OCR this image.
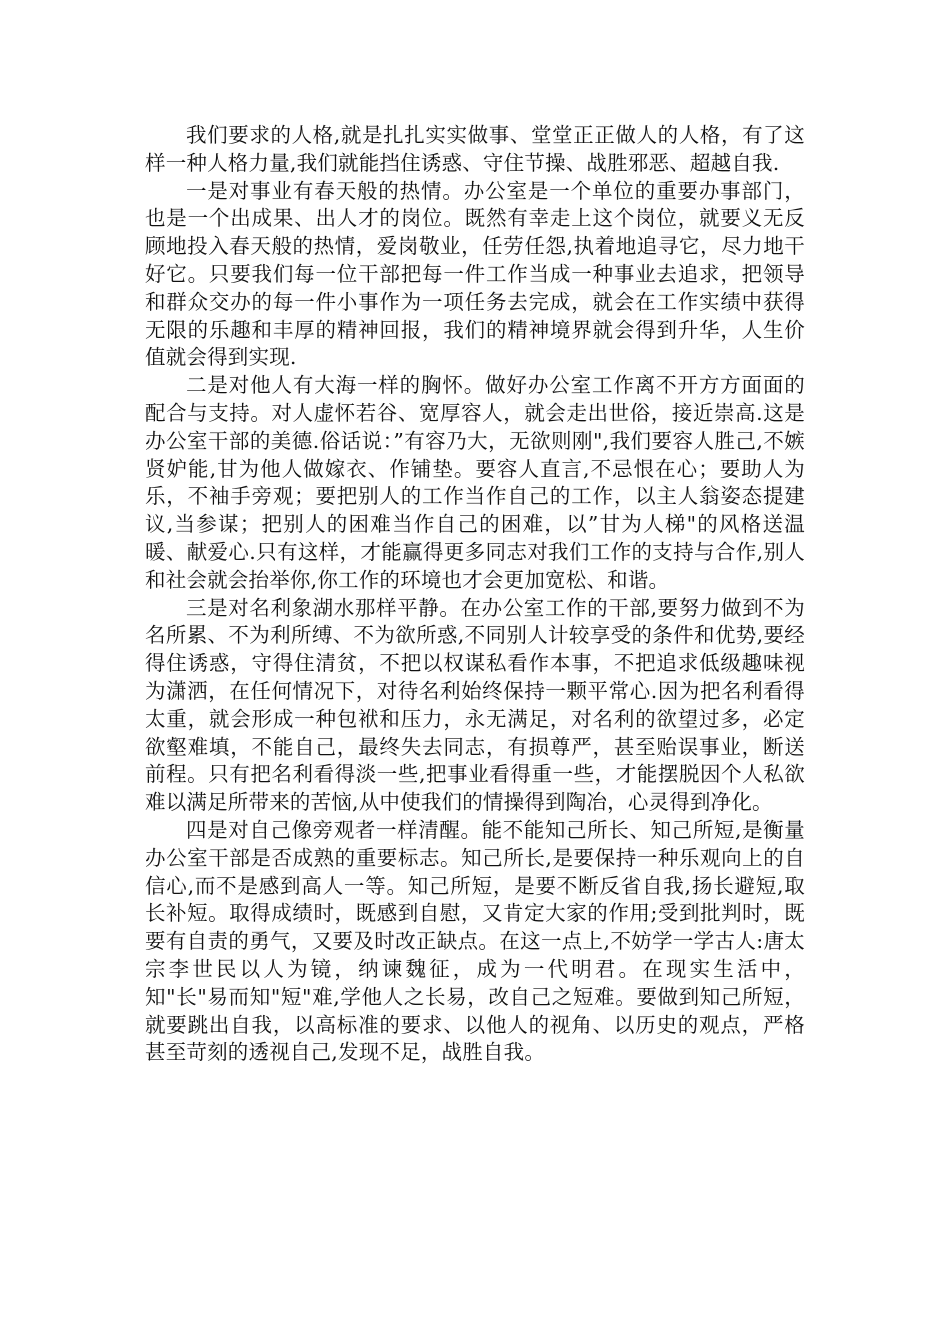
我们要求的人格,就是扎扎实实做事、堂堂正正做人的人格，有了这样一种人格力量,我们就能挡住诱惑、守住节操、战胜邪恶、超越自我.

一是对事业有春天般的热情。办公室是一个单位的重要办事部门，也是一个出成果、出人才的岗位。既然有幸走上这个岗位，就要义无反顾地投入春天般的热情，爱岗敬业，任劳任怨,执着地追寻它，尽力地干好它。只要我们每一位干部把每一件工作当成一种事业去追求，把领导和群众交办的每一件小事作为一项任务去完成，就会在工作实绩中获得无限的乐趣和丰厚的精神回报，我们的精神境界就会得到升华，人生价值就会得到实现.

二是对他人有大海一样的胸怀。做好办公室工作离不开方方面面的配合与支持。对人虚怀若谷、宽厚容人，就会走出世俗，接近崇高.这是办公室干部的美德.俗话说：”有容乃大，无欲则刚",我们要容人胜己,不嫉贤妒能,甘为他人做嫁衣、作铺垫。要容人直言,不忌恨在心；要助人为乐，不袖手旁观；要把别人的工作当作自己的工作，以主人翁姿态提建议,当参谋；把别人的困难当作自己的困难，以”甘为人梯"的风格送温暖、献爱心.只有这样，才能赢得更多同志对我们工作的支持与合作,别人和社会就会抬举你,你工作的环境也才会更加宽松、和谐。

三是对名利象湖水那样平静。在办公室工作的干部,要努力做到不为名所累、不为利所缚、不为欲所惑,不同别人计较享受的条件和优势,要经得住诱惑，守得住清贫，不把以权谋私看作本事，不把追求低级趣味视为潇洒，在任何情况下，对待名利始终保持一颗平常心.因为把名利看得太重，就会形成一种包袱和压力，永无满足，对名利的欲望过多，必定欲壑难填，不能自己，最终失去同志，有损尊严，甚至贻误事业，断送前程。只有把名利看得淡一些,把事业看得重一些，才能摆脱因个人私欲难以满足所带来的苦恼,从中使我们的情操得到陶冶，心灵得到净化。

四是对自己像旁观者一样清醒。能不能知己所长、知己所短,是衡量办公室干部是否成熟的重要标志。知己所长,是要保持一种乐观向上的自信心,而不是感到高人一等。知己所短，是要不断反省自我,扬长避短,取长补短。取得成绩时，既感到自慰，又肯定大家的作用;受到批判时，既要有自责的勇气，又要及时改正缺点。在这一点上,不妨学一学古人:唐太宗李世民以人为镜，纳谏魏征，成为一代明君。在现实生活中，知"长"易而知"短"难,学他人之长易，改自己之短难。要做到知己所短，就要跳出自我，以高标准的要求、以他人的视角、以历史的观点，严格甚至苛刻的透视自己,发现不足，战胜自我。
